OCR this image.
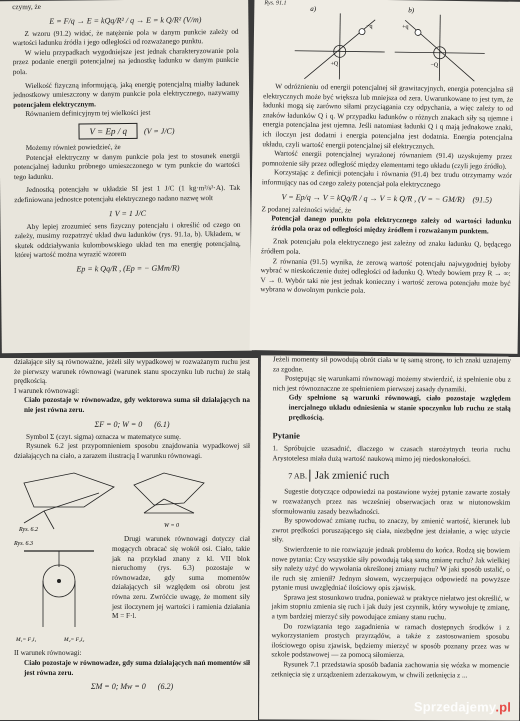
czymy, że

E = F/q → E = kQq/R² / q → E = k Q/R² (V/m)

Z wzoru (91.2) widać, że natężenie pola w danym punkcie zależy od wartości ładunku źródła i jego odległości od rozważanego punktu.

W wielu przypadkach wygodniejsze jest jednak charakteryzowanie pola przez podanie energii potencjalnej na jednostkę ładunku w danym punkcie pola.

Wielkość fizyczną informującą, jaką energię potencjalną miałby ładunek jednostkowy umieszczony w danym punkcie pola elektrycznego, nazywamy potencjałem elektrycznym.

Równaniem definicyjnym tej wielkości jest

V = Ep / q (V = J/C)

Możemy również powiedzieć, że

Potencjał elektryczny w danym punkcie pola jest to stosunek energii potencjalnej ładunku próbnego umieszczonego w tym punkcie do wartości tego ładunku.

Jednostką potencjału w układzie SI jest 1 J/C (1 kg·m²/s³·A). Tak zdefiniowana jednostce potencjału elektrycznego nadano nazwę wolt

1 V = 1 J/C

Aby lepiej zrozumieć sens fizyczny potencjału i określić od czego on zależy, musimy rozpatrzyć układ dwu ładunków (rys. 91.1a, b). Układem, w skutek oddziaływania kulombowskiego układ ten ma energię potencjalną, której wartość można wyrazić wzorem

Ep = k Qq/R , (Ep = − GMm/R)

Rys. 91.1
a)	b)
−q
+Q
+q
−Q

W odróżnieniu od energii potencjalnej sił grawitacyjnych, energia potencjalna sił elektrycznych może być większa lub mniejsza od zera. Uwarunkowane to jest tym, że ładunki mogą się zarówno siłami przyciągania czy odpychania, a więc zależy to od znaków ładunków Q i q. W przypadku ładunków o różnych znakach siły są ujemne i energia potencjalna jest ujemna. Jeśli natomiast ładunki Q i q mają jednakowe znaki, ich iloczyn jest dodatni i energia potencjalna jest dodatnia. Energia potencjalna układu, czyli wartość energii potencjalnej sił elektrycznych.

Wartość energii potencjalnej wyrażonej równaniem (91.4) uzyskujemy przez pomnożenie siły przez odległość między elementami tego układu (czyli jego źródło).

Korzystając z definicji potencjału i równania (91.4) bez trudu otrzymamy wzór informujący nas od czego zależy potencjał pola elektrycznego

V = Ep/q → V = kQq/R / q → V = k Q/R , (V = − GM/R) (91.5)

Z podanej zależności widać, że

Potencjał danego punktu pola elektrycznego zależy od wartości ładunku źródła pola oraz od odległości między źródłem i rozważanym punktem.

Znak potencjału pola elektrycznego jest zależny od znaku ładunku Q, będącego źródłem pola.

Z równania (91.5) wynika, że zerową wartość potencjału najwygodniej byłoby wybrać w nieskończenie dużej odległości od ładunku Q. Wtedy bowiem przy R → ∞: V → 0. Wybór taki nie jest jednak konieczny i wartość zerowa potencjału może być wybrana w dowolnym punkcie pola.

działające siły są równoważne, jeżeli siły wypadkowej w rozważanym ruchu jest że pierwszy warunek równowagi (warunek stanu spoczynku lub ruchu) że stałą prędkością.

I warunek równowagi:

Ciało pozostaje w równowadze, gdy wektorowa suma sił działających na nie jest równa zeru.

ΣF = 0; W = 0 (6.1)

Symbol Σ (czyt. sigma) oznacza w matematyce sumę.

Rysunek 6.2 jest przypomnieniem sposobu znajdowania wypadkowej sił działających na ciało, a zarazem ilustracją I warunku równowagi.

Rys. 6.2
W = 0
Rys. 6.3
M₁= F₁l₁	M₂= F₂l₂

Drugi warunek równowagi dotyczy ciał mogących obracać się wokół osi. Ciało, takie jak na przykład znany z kl. VII blok nieruchomy (rys. 6.3) pozostaje w równowadze, gdy suma momentów działających sił względem osi obrotu jest równa zeru. Zwróćcie uwagę, że moment siły jest iloczynem jej wartości i ramienia działania M = F·l.

II warunek równowagi:

Ciało pozostaje w równowadze, gdy suma działających nań momentów sił jest równa zeru.

ΣM = 0; Mw = 0 (6.2)

Jeżeli momenty sił powodują obrót ciała w tę samą stronę, to ich znaki uznajemy za zgodne.

Postępując się warunkami równowagi możemy stwierdzić, iż spełnienie obu z nich jest równoznaczne ze spełnieniem pierwszej zasady dynamiki.

Gdy spełnione są warunki równowagi, ciało pozostaje względem inercjalnego układu odniesienia w stanie spoczynku lub ruchu ze stałą prędkością.

Pytanie

1. Spróbujcie uzasadnić, dlaczego w czasach starożytnych teoria ruchu Arystotelesa miała dużą wartość naukową mimo jej niedoskonałości.

7 AB. Jak zmienić ruch

Sugestie dotyczące odpowiedzi na postawione wyżej pytanie zawarte zostały w rozważanych przez nas wcześniej obserwacjach oraz w niutonowskim sformułowaniu zasady bezwładności.

By spowodować zmianę ruchu, to znaczy, by zmienić wartość, kierunek lub zwrot prędkości poruszającego się ciała, niezbędne jest działanie, a więc użycie siły.

Stwierdzenie to nie rozwiązuje jednak problemu do końca. Rodzą się bowiem nowe pytania: Czy wszystkie siły powodują taką samą zmianę ruchu? Jak wielkiej siły należy użyć do wywołania określonej zmiany ruchu? W jaki sposób ustalić, o ile ruch się zmienił? Jednym słowem, wyczerpująca odpowiedź na powyższe pytanie musi uwzględniać ilościowy opis zjawisk.

Sprawa jest stosunkowo trudna, ponieważ w praktyce niełatwo jest określić, w jakim stopniu zmienia się ruch i jak duży jest czynnik, który wywołuje tę zmianę, a tym bardziej mierzyć siły powodujące zmiany stanu ruchu.

Do rozwiązania tego zagadnienia w ramach dostępnych środków i z wykorzystaniem prostych przyrządów, a także z zastosowaniem sposobu ilościowego opisu zjawisk, będziemy mierzyć w sposób poznany przez was w szkole podstawowej — za pomocą siłomierza.

Rysunek 7.1 przedstawia sposób badania zachowania się wózka w momencie zetknięcia się z urządzeniem zderzakowym, w chwili zetknięcia z ...

Sprzedajemy.pl
